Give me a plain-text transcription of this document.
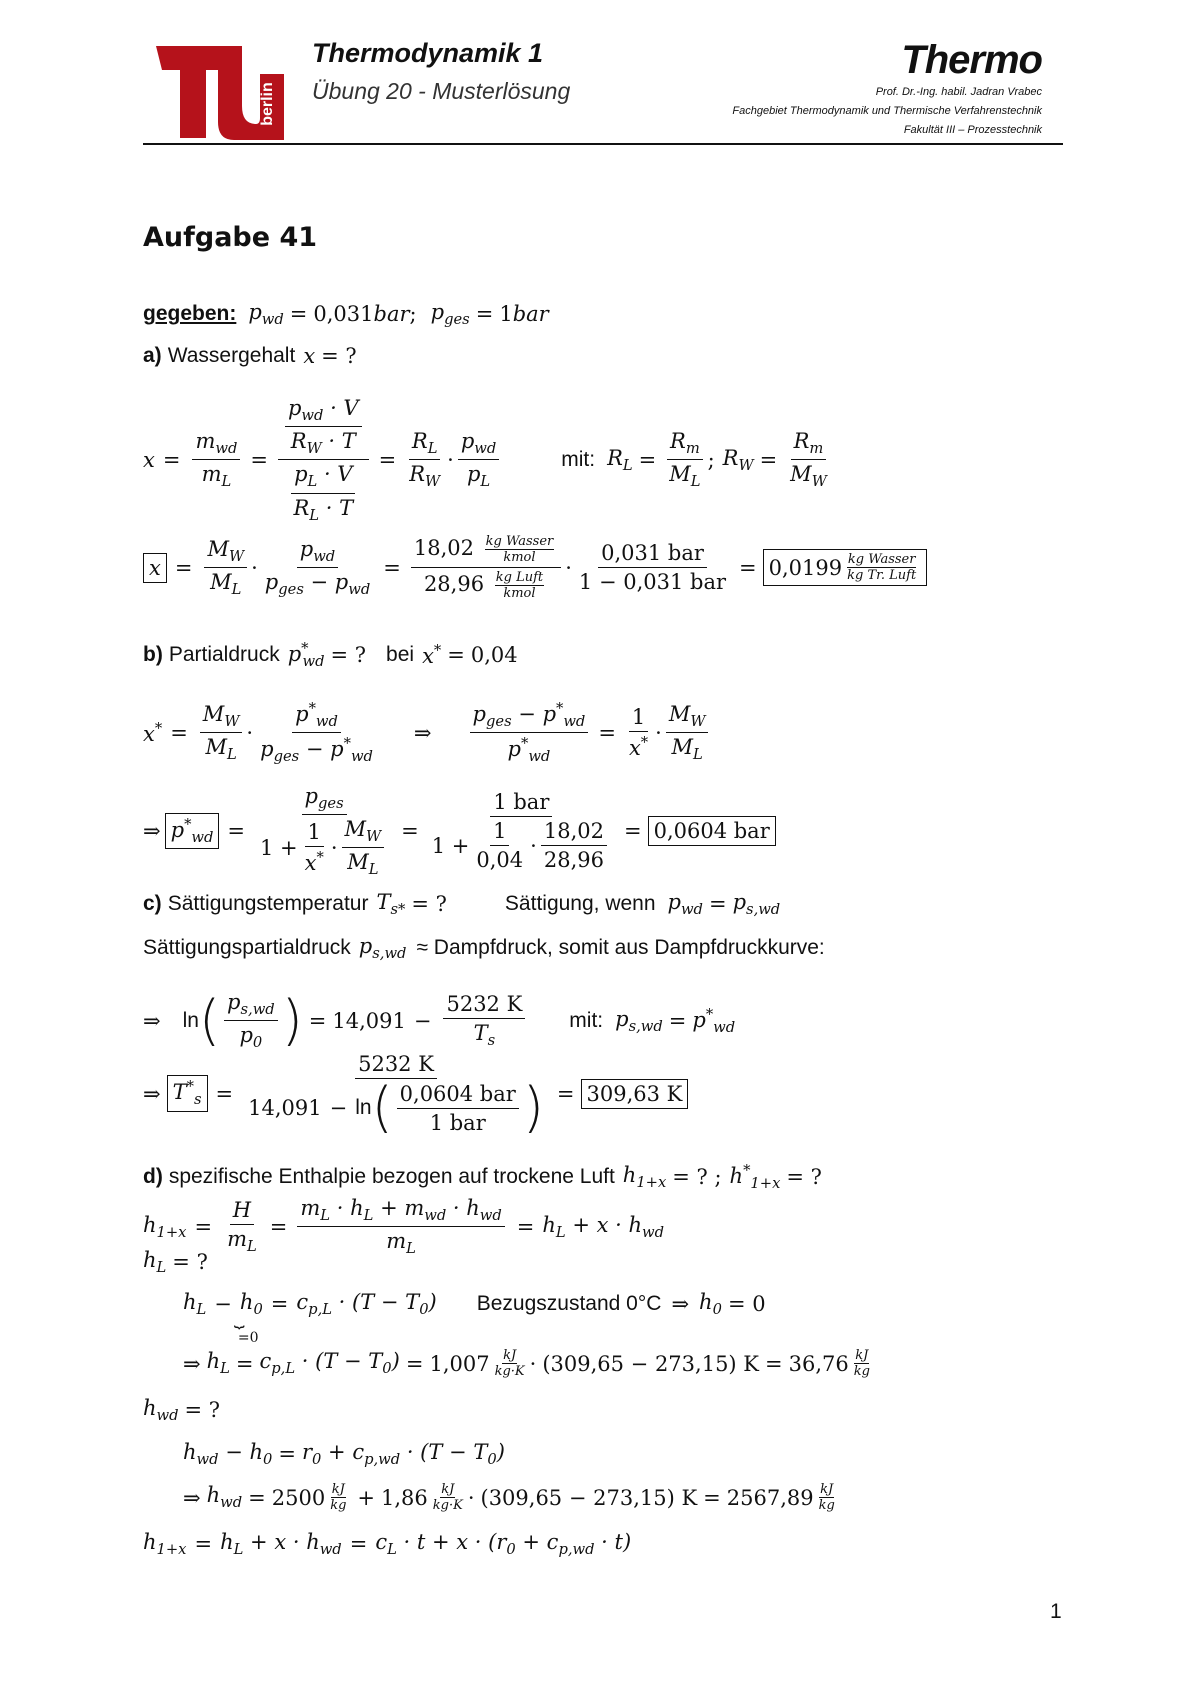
berlin
Thermodynamik 1
Übung 20 - Musterlösung
Thermo
Prof. Dr.-Ing. habil. Jadran Vrabec
Fachgebiet Thermodynamik und Thermische Verfahrenstechnik
Fakultät III – Prozesstechnik
Aufgabe 41
gegeben: $p_{wd} = 0,031$ bar ; $p_{ges} = 1$ bar
a) Wassergehalt x = ?
$x = \frac{m_{wd}}{m_L} = \frac{\frac{p_{wd} \cdot V}{R_W \cdot T}}{\frac{p_L \cdot V}{R_L \cdot T}} = \frac{R_L}{R_W} \cdot \frac{p_{wd}}{p_L}$	mit: $R_L = \frac{R_m}{M_L}$ ; $R_W = \frac{R_m}{M_W}$
$x = \frac{M_W}{M_L} \cdot \frac{p_{wd}}{p_{ges} - p_{wd}} = \frac{18,02 \frac{\text{kg Wasser}}{\text{kmol}}}{28,96 \frac{\text{kg Luft}}{\text{kmol}}} \cdot \frac{\text{0,031 bar}}{\text{1 − 0,031 bar}} = 0,0199 \frac{\text{kg Wasser}}{\text{kg Tr. Luft}}$
b) Partialdruck $p^*_{wd}$ = ? bei x* = 0,04
$x^* = \frac{M_W}{M_L} \cdot \frac{p^*_{wd}}{p_{ges} - p^*_{wd}}$ ⇒ $\frac{p_{ges} - p^*_{wd}}{p^*_{wd}} = \frac{1}{x^*} \cdot \frac{M_W}{M_L}$
⇒ $p^*_{wd} = \frac{p_{ges}}{1 + \frac{1}{x^*} \cdot \frac{M_W}{M_L}} = \frac{\text{1 bar}}{1 + \frac{1}{0,04} \cdot \frac{18,02}{28,96}} = 0,0604$ bar
c) Sättigungstemperatur $T_{s*}$ = ?	Sättigung, wenn $p_{wd} = p_{s,wd}$
Sättigungspartialdruck $p_{s,wd}$ ≈ Dampfdruck, somit aus Dampfdruckkurve:
⇒ ln ( $\frac{p_{s,wd}}{p_0}$ ) = $14,091 - \frac{5232 K}{T_s}$ mit: $p_{s,wd} = p^*_{wd}$
⇒ $T^*_s$ =
5232 K
14,091 − ln ( $\frac{\text{0,0604 bar}}{\text{1 bar}}$ ) = 309,63 K
d) spezifische Enthalpie bezogen auf trockene Luft $h_{1+x}$ = ? ; $h^*_{1+x}$ = ?
$h_{1+x} = \frac{H}{m_L} = \frac{m_L \cdot h_L + m_{wd} \cdot h_{wd}}{m_L} = h_L + x \cdot h_{wd}$
$h_L$ = ?
$h_L - h_0$
⏟
=0
= $c_{p,L} \cdot (T - T_0)$ Bezugszustand 0°C ⇒ $h_0 = 0$
⇒ $h_L = c_{p,L} \cdot (T - T_0) = 1,007 \frac{kJ}{kg\cdot K} \cdot (309,65 - 273,15) K = 36,76 \frac{kJ}{kg}$
$h_{wd}$ = ?
$h_{wd} - h_0 = r_0 + c_{p,wd} \cdot (T - T_0)$
⇒ $h_{wd} = 2500 \frac{kJ}{kg} + 1,86 \frac{kJ}{kg\cdot K} \cdot (309,65 - 273,15) K = 2567,89 \frac{kJ}{kg}$
$h_{1+x} = h_L + x \cdot h_{wd} = c_L \cdot t + x \cdot (r_0 + c_{p,wd} \cdot t)$
1
